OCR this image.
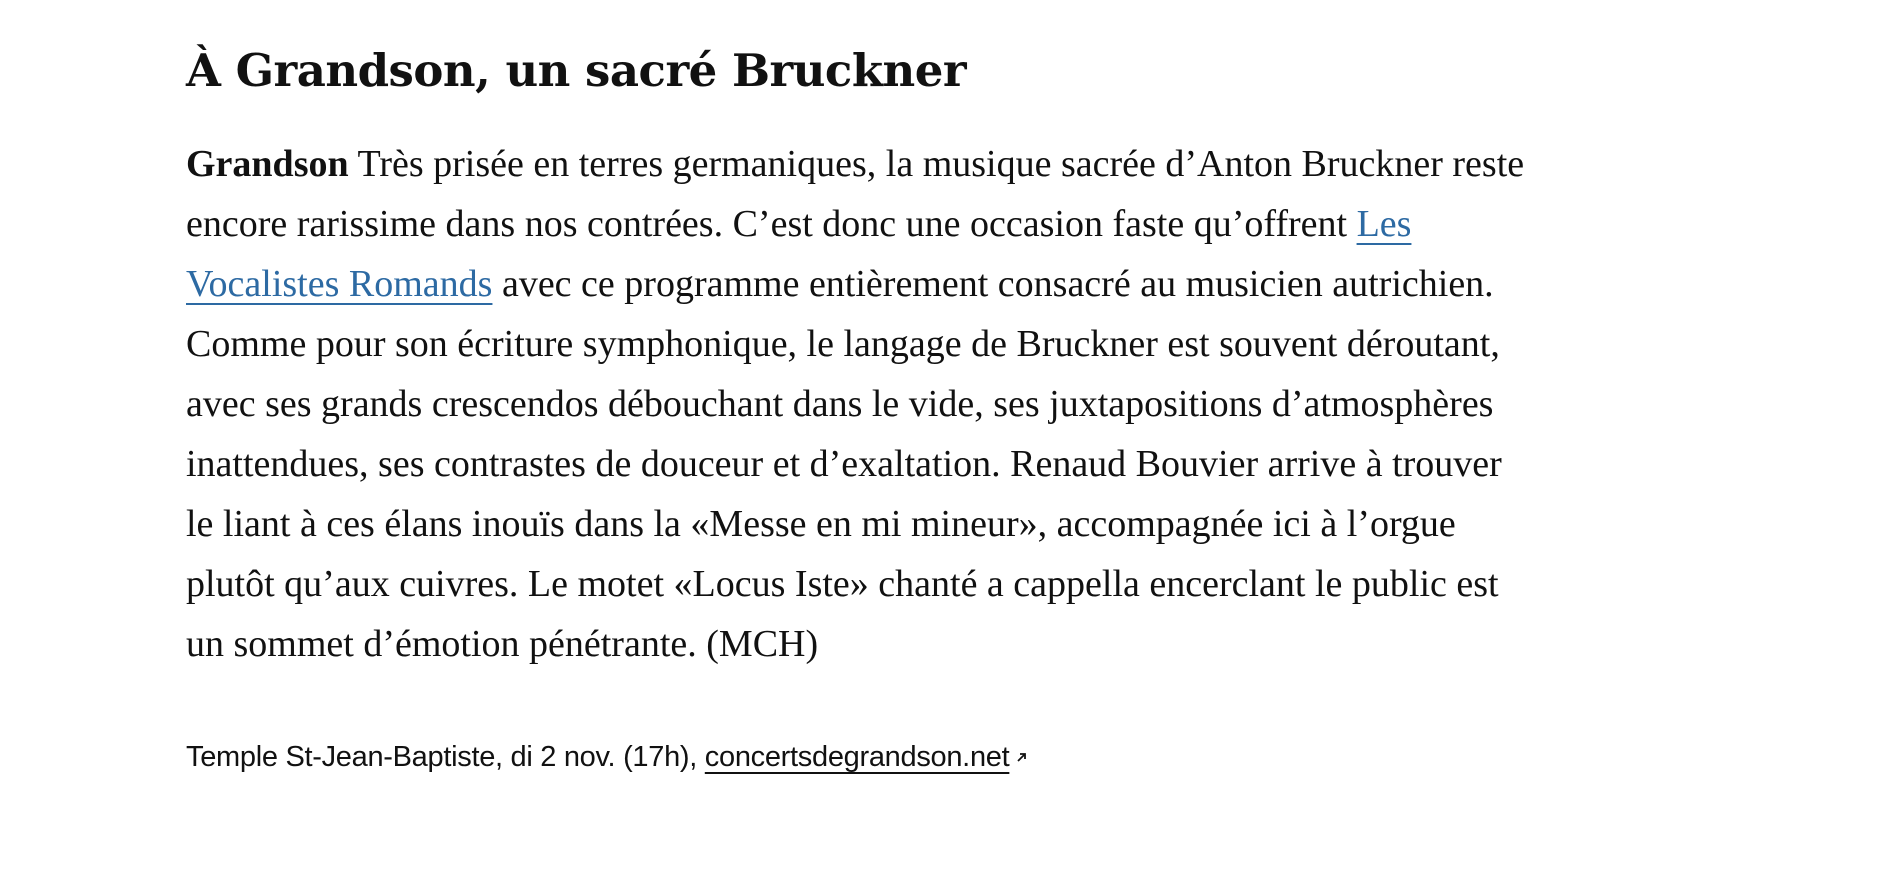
À Grandson, un sacré Bruckner

Grandson Très prisée en terres germaniques, la musique sacrée d’Anton Bruckner reste encore rarissime dans nos contrées. C’est donc une occasion faste qu’offrent Les Vocalistes Romands avec ce programme entièrement consacré au musicien autrichien. Comme pour son écriture symphonique, le langage de Bruckner est souvent déroutant, avec ses grands crescendos débouchant dans le vide, ses juxtapositions d’atmosphères inattendues, ses contrastes de douceur et d’exaltation. Renaud Bouvier arrive à trouver le liant à ces élans inouïs dans la «Messe en mi mineur», accompagnée ici à l’orgue plutôt qu’aux cuivres. Le motet «Locus Iste» chanté a cappella encerclant le public est un sommet d’émotion pénétrante. (MCH)

Temple St-Jean-Baptiste, di 2 nov. (17h), concertsdegrandson.net
